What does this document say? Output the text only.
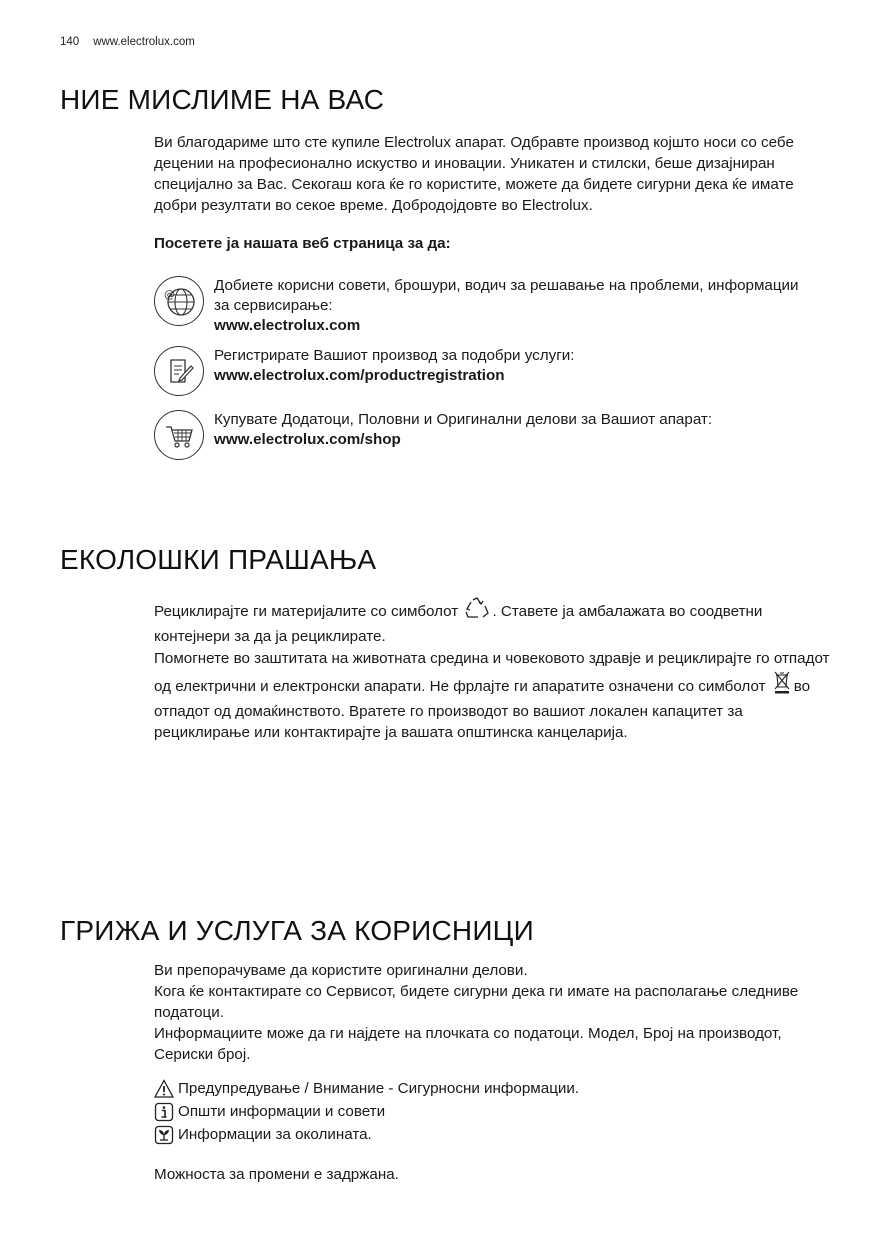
140 www.electrolux.com
НИЕ МИСЛИМЕ НА ВАС

Ви благодариме што сте купиле Electrolux апарат. Одбравте производ којшто носи со себе децении на професионално искуство и иновации. Уникатен и стилски, беше дизајниран специјално за Вас. Секогаш кога ќе го користите, можете да бидете сигурни дека ќе имате добри резултати во секое време. Добродојдовте во Electrolux.

Посетете ја нашата веб страница за да:
@
Добиете корисни совети, брошури, водич за решавање на проблеми, информации за сервисирање:
www.electrolux.com
Регистрирате Вашиот производ за подобри услуги:
www.electrolux.com/productregistration
Купувате Додатоци, Половни и Оригинални делови за Вашиот апарат:
www.electrolux.com/shop
ЕКОЛОШКИ ПРАШАЊА

Рециклирајте ги материјалите со симболот . Ставете ја амбалажата во соодветни контејнери за да ја рециклирате.

Помогнете во заштитата на животната средина и човековото здравје и рециклирајте го отпадот од електрични и електронски апарати. Не фрлајте ги апаратите означени со симболот во отпадот од домаќинството. Вратете го производот во вашиот локален капацитет за рециклирање или контактирајте ја вашата општинска канцеларија.

ГРИЖА И УСЛУГА ЗА КОРИСНИЦИ

Ви препорачуваме да користите оригинални делови.

Кога ќе контактирате со Сервисот, бидете сигурни дека ги имате на располагање следниве податоци.

Информациите може да ги најдете на плочката со податоци. Модел, Број на производот, Сериски број.

Предупредување / Внимание - Сигурносни информации.
Општи информации и совети
Информации за околината.
Можноста за промени е задржана.
